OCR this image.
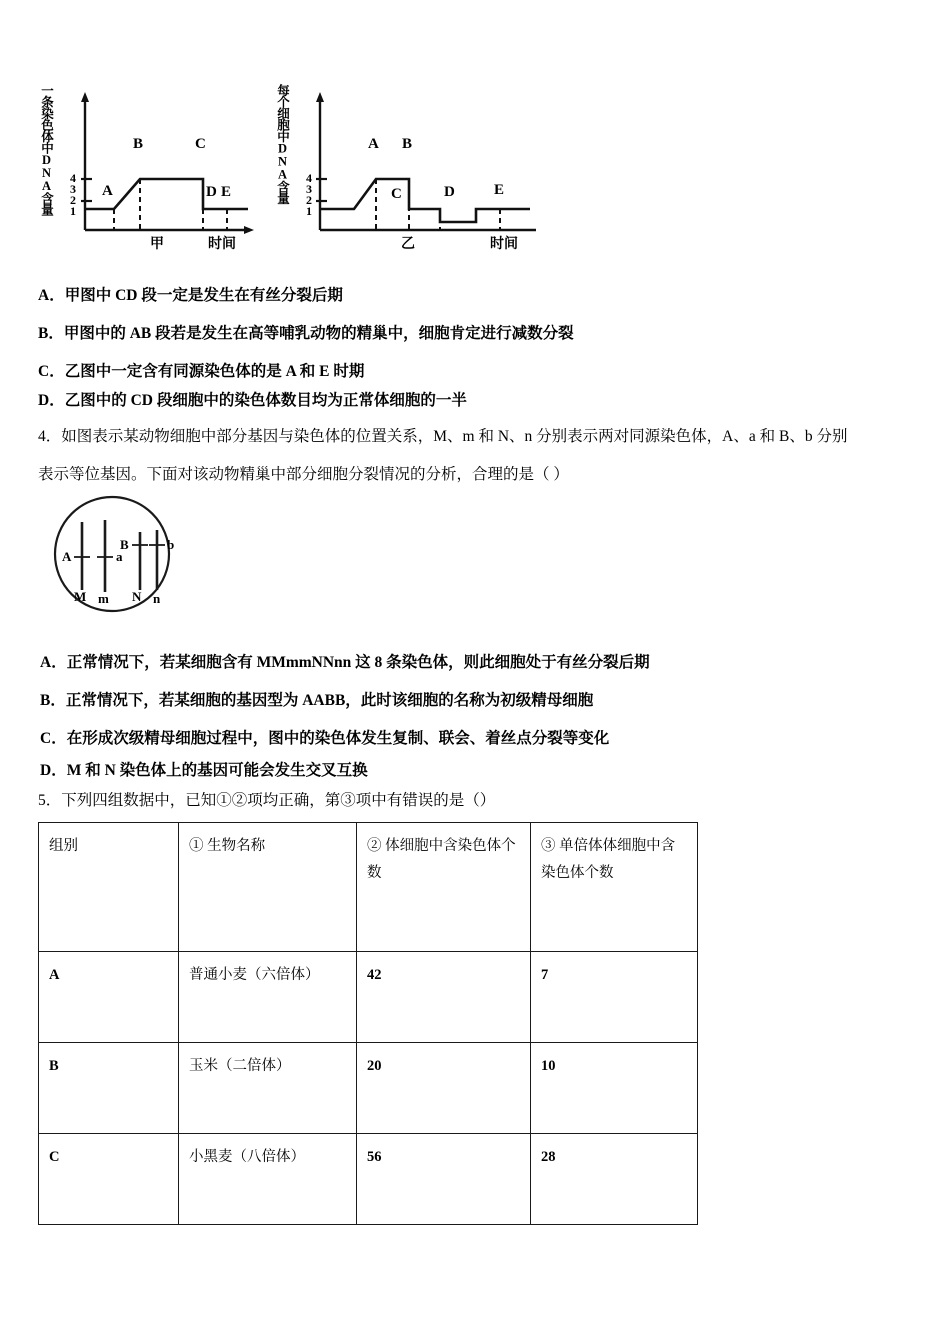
一条染色体中DNA含量 1
2
3
4
A
B	C
D E
甲	时间
每个细胞中DNA含量
1
2
3
4
A B
C	D	E
乙	时间
A．甲图中 CD 段一定是发生在有丝分裂后期
B．甲图中的 AB 段若是发生在高等哺乳动物的精巢中，细胞肯定进行减数分裂
C．乙图中一定含有同源染色体的是 A 和 E 时期
D．乙图中的 CD 段细胞中的染色体数目均为正常体细胞的一半
4．如图表示某动物细胞中部分基因与染色体的位置关系，M、m 和 N、n 分别表示两对同源染色体，A、a 和 B、b 分别
表示等位基因。下面对该动物精巢中部分细胞分裂情况的分析，合理的是（ ）
A	a
B	b
M m N n
A．正常情况下，若某细胞含有 MMmmNNnn 这 8 条染色体，则此细胞处于有丝分裂后期
B．正常情况下，若某细胞的基因型为 AABB，此时该细胞的名称为初级精母细胞
C．在形成次级精母细胞过程中，图中的染色体发生复制、联会、着丝点分裂等变化
D．M 和 N 染色体上的基因可能会发生交叉互换
5．下列四组数据中，已知①②项均正确，第③项中有错误的是（）
组别	① 生物名称	② 体细胞中含染色体个数	③ 单倍体体细胞中含染色体个数
A	普通小麦（六倍体）	42	7
B	玉米（二倍体）	20	10
C	小黑麦（八倍体）	56	28
